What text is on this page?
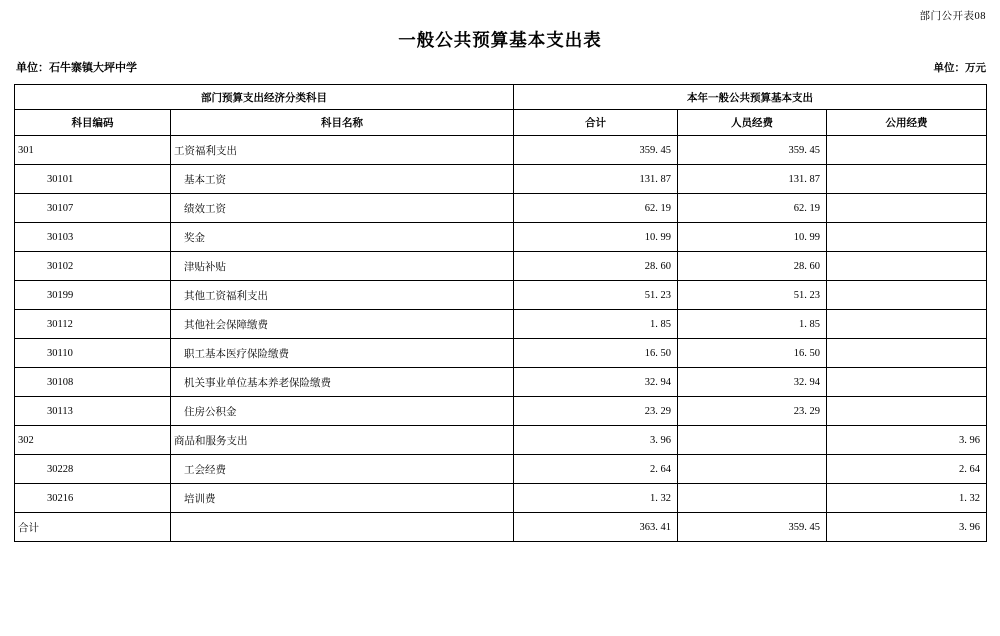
部门公开表08
一般公共预算基本支出表
单位：石牛寨镇大坪中学	单位：万元
部门预算支出经济分类科目		本年一般公共预算基本支出		
科目编码	科目名称	合计	人员经费	公用经费
301	工资福利支出	359. 45	359. 45	
30101	基本工资	131. 87	131. 87	
30107	绩效工资	62. 19	62. 19	
30103	奖金	10. 99	10. 99	
30102	津贴补贴	28. 60	28. 60	
30199	其他工资福利支出	51. 23	51. 23	
30112	其他社会保障缴费	1. 85	1. 85	
30110	职工基本医疗保险缴费	16. 50	16. 50	
30108	机关事业单位基本养老保险缴费	32. 94	32. 94	
30113	住房公积金	23. 29	23. 29	
302	商品和服务支出	3. 96		3. 96
30228	工会经费	2. 64		2. 64
30216	培训费	1. 32		1. 32
合计		363. 41	359. 45	3. 96
